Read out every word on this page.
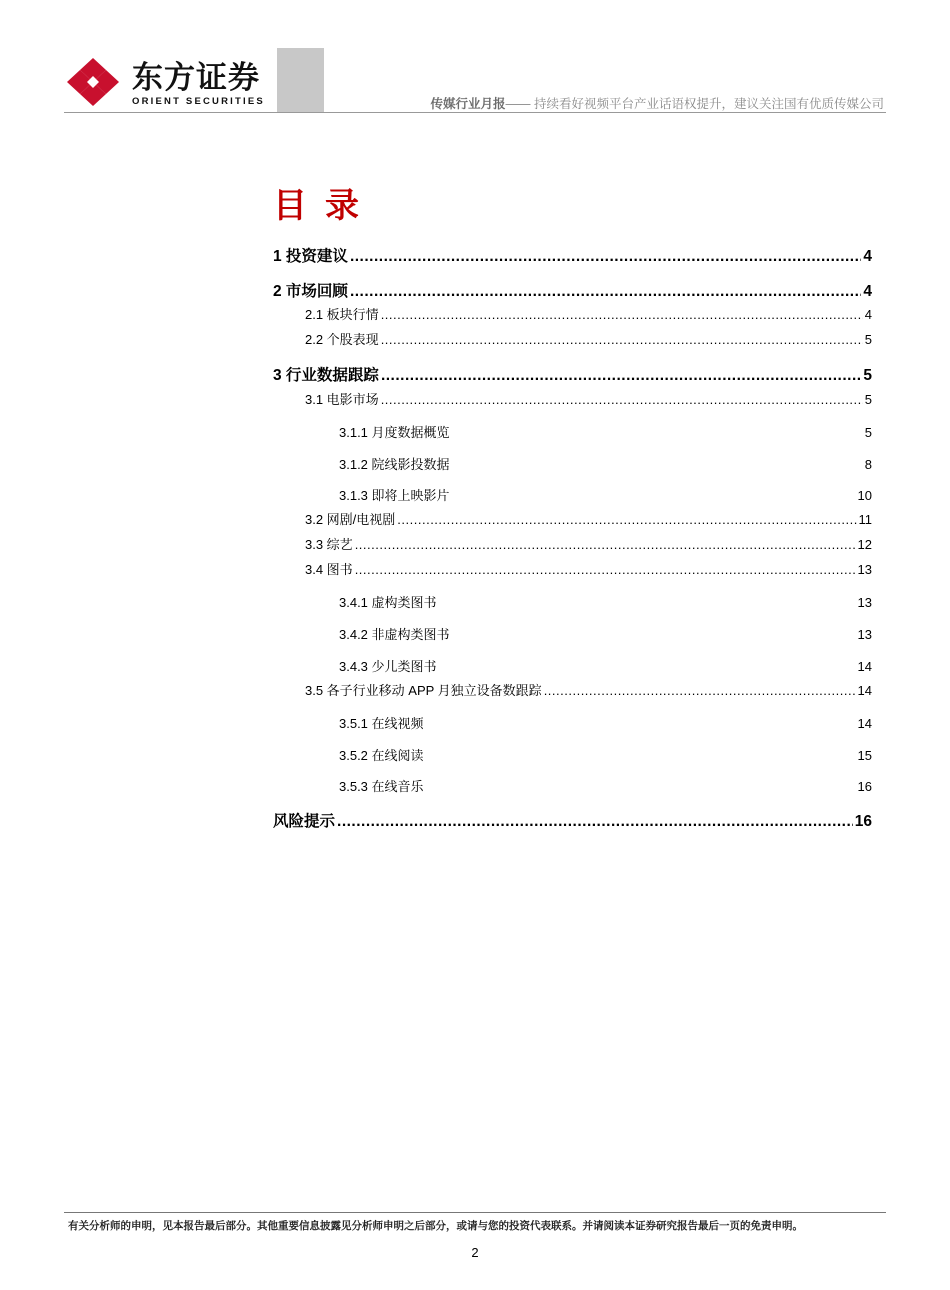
东方证券
ORIENT SECURITIES	传媒行业月报—— 持续看好视频平台产业话语权提升，建议关注国有优质传媒公司
目录
1 投资建议 .....	4
2 市场回顾 .....	4
2.1 板块行情 .....	4
2.2 个股表现 .....	5
3 行业数据跟踪 .....	5
3.1 电影市场 .....	5
3.1.1 月度数据概览	5
3.1.2 院线影投数据	8
3.1.3 即将上映影片	10
3.2 网剧/电视剧 .....	11
3.3 综艺 .....	12
3.4 图书 .....	13
3.4.1 虚构类图书	13
3.4.2 非虚构类图书	13
3.4.3 少儿类图书	14
3.5 各子行业移动 APP 月独立设备数跟踪 .....	14
3.5.1 在线视频	14
3.5.2 在线阅读	15
3.5.3 在线音乐	16
风险提示 .....	16
有关分析师的申明，见本报告最后部分。其他重要信息披露见分析师申明之后部分，或请与您的投资代表联系。并请阅读本证券研究报告最后一页的免责申明。
2
